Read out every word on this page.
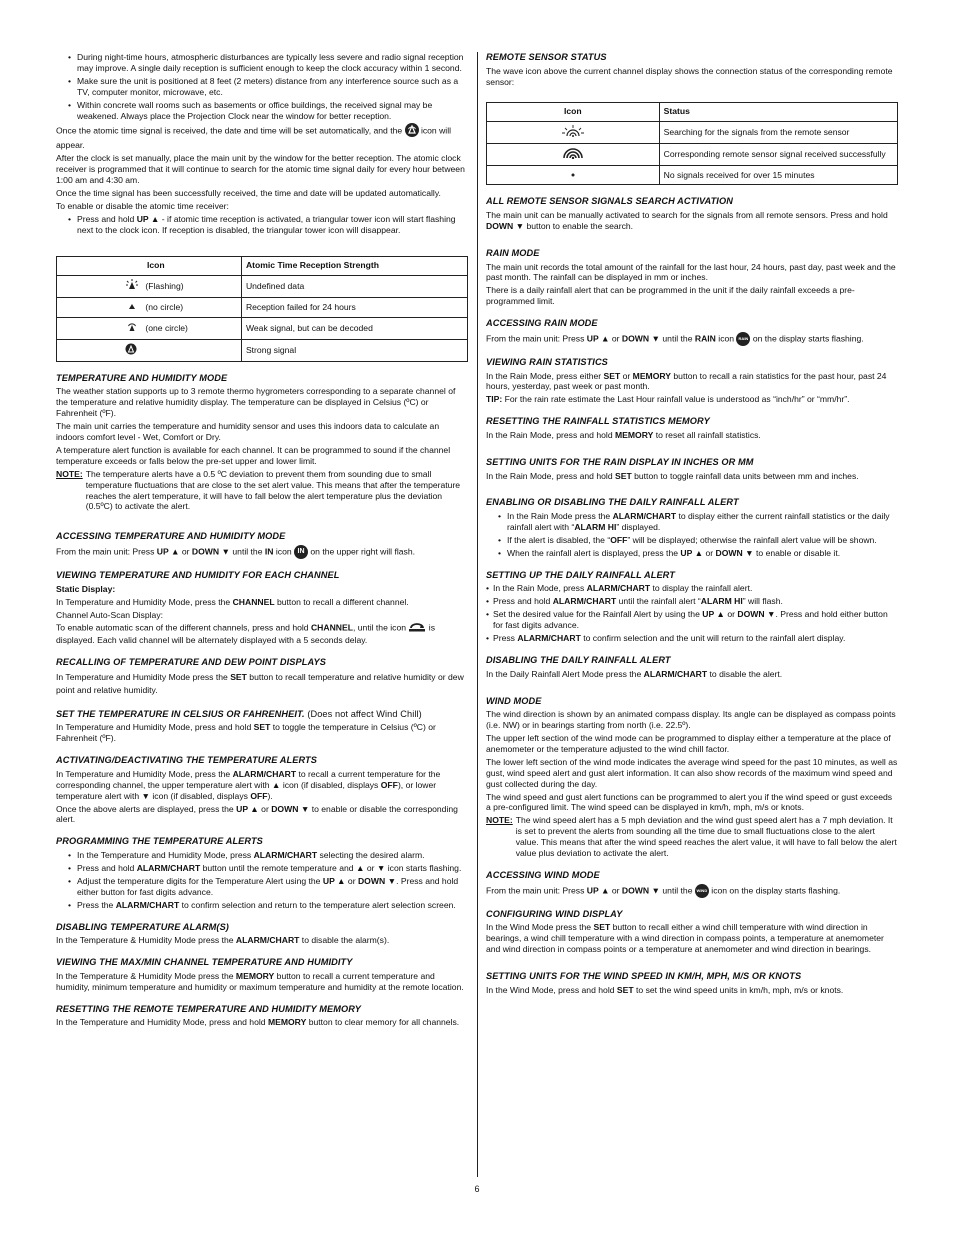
• During night-time hours, atmospheric disturbances are typically less severe and radio signal reception may improve. A single daily reception is sufficient enough to keep the clock accuracy within 1 second.
• Make sure the unit is positioned at 8 feet (2 meters) distance from any interference source such as a TV, computer monitor, microwave, etc.
• Within concrete wall rooms such as basements or office buildings, the received signal may be weakened. Always place the Projection Clock near the window for better reception.

Once the atomic time signal is received, the date and time will be set automatically, and the icon will appear.

After the clock is set manually, place the main unit by the window for the better reception. The atomic clock receiver is programmed that it will continue to search for the atomic time signal daily for every hour between 1:00 am and 4:30 am.

Once the time signal has been successfully received, the time and date will be updated automatically.

To enable or disable the atomic time receiver:

• Press and hold UP ▲ - if atomic time reception is activated, a triangular tower icon will start flashing next to the clock icon. If reception is disabled, the triangular tower icon will disappear.
Icon	Atomic Time Reception Strength
(Flashing)	Undefined data
(no circle)	Reception failed for 24 hours
(one circle)	Weak signal, but can be decoded
	Strong signal
TEMPERATURE AND HUMIDITY MODE

The weather station supports up to 3 remote thermo hygrometers corresponding to a separate channel of the temperature and relative humidity display. The temperature can be displayed in Celsius (ºC) or Fahrenheit (ºF).

The main unit carries the temperature and humidity sensor and uses this indoors data to calculate an indoors comfort level - Wet, Comfort or Dry.

A temperature alert function is available for each channel. It can be programmed to sound if the channel temperature exceeds or falls below the pre-set upper and lower limit.

NOTE: The temperature alerts have a 0.5 ºC deviation to prevent them from sounding due to small temperature fluctuations that are close to the set alert value. This means that after the temperature reaches the alert temperature, it will have to fall below the alert temperature plus the deviation (0.5ºC) to activate the alert.
ACCESSING TEMPERATURE AND HUMIDITY MODE

From the main unit: Press UP ▲ or DOWN ▼ until the IN icon IN on the upper right will flash.

VIEWING TEMPERATURE AND HUMIDITY FOR EACH CHANNEL

Static Display:

In Temperature and Humidity Mode, press the CHANNEL button to recall a different channel.

Channel Auto-Scan Display:

To enable automatic scan of the different channels, press and hold CHANNEL, until the icon	is displayed. Each valid channel will be alternately displayed with a 5 seconds delay.

RECALLING OF TEMPERATURE AND DEW POINT DISPLAYS

In Temperature and Humidity Mode press the SET button to recall temperature and relative humidity or dew point and relative humidity.

SET THE TEMPERATURE IN CELSIUS OR FAHRENHEIT. (Does not affect Wind Chill)

In Temperature and Humidity Mode, press and hold SET to toggle the temperature in Celsius (ºC) or Fahrenheit (ºF).

ACTIVATING/DEACTIVATING THE TEMPERATURE ALERTS

In Temperature and Humidity Mode, press the ALARM/CHART to recall a current temperature for the corresponding channel, the upper temperature alert with ▲ icon (if disabled, displays OFF), or lower temperature alert with ▼ icon (if disabled, displays OFF).

Once the above alerts are displayed, press the UP ▲ or DOWN ▼ to enable or disable the corresponding alert.

PROGRAMMING THE TEMPERATURE ALERTS
• In the Temperature and Humidity Mode, press ALARM/CHART selecting the desired alarm.
• Press and hold ALARM/CHART button until the remote temperature and ▲ or ▼ icon starts flashing.
• Adjust the temperature digits for the Temperature Alert using the UP ▲ or DOWN ▼. Press and hold either button for fast digits advance.
• Press the ALARM/CHART to confirm selection and return to the temperature alert selection screen.
DISABLING TEMPERATURE ALARM(S)

In the Temperature & Humidity Mode press the ALARM/CHART to disable the alarm(s).

VIEWING THE MAX/MIN CHANNEL TEMPERATURE AND HUMIDITY

In the Temperature & Humidity Mode press the MEMORY button to recall a current temperature and humidity, minimum temperature and humidity or maximum temperature and humidity at the remote location.

RESETTING THE REMOTE TEMPERATURE AND HUMIDITY MEMORY

In the Temperature and Humidity Mode, press and hold MEMORY button to clear memory for all channels.

REMOTE SENSOR STATUS

The wave icon above the current channel display shows the connection status of the corresponding remote sensor:

Icon	Status
	Searching for the signals from the remote sensor
	Corresponding remote sensor signal received successfully
	No signals received for over 15 minutes
ALL REMOTE SENSOR SIGNALS SEARCH ACTIVATION

The main unit can be manually activated to search for the signals from all remote sensors. Press and hold DOWN ▼ button to enable the search.

RAIN MODE

The main unit records the total amount of the rainfall for the last hour, 24 hours, past day, past week and the past month. The rainfall can be displayed in mm or inches.

There is a daily rainfall alert that can be programmed in the unit if the daily rainfall exceeds a pre-programmed limit.

ACCESSING RAIN MODE

From the main unit: Press UP ▲ or DOWN ▼ until the RAIN icon RAIN on the display starts flashing.

VIEWING RAIN STATISTICS

In the Rain Mode, press either SET or MEMORY button to recall a rain statistics for the past hour, past 24 hours, yesterday, past week or past month.

TIP: For the rain rate estimate the Last Hour rainfall value is understood as “inch/hr” or “mm/hr”.

RESETTING THE RAINFALL STATISTICS MEMORY

In the Rain Mode, press and hold MEMORY to reset all rainfall statistics.

SETTING UNITS FOR THE RAIN DISPLAY IN INCHES OR MM

In the Rain Mode, press and hold SET button to toggle rainfall data units between mm and inches.

ENABLING OR DISABLING THE DAILY RAINFALL ALERT
• In the Rain Mode press the ALARM/CHART to display either the current rainfall statistics or the daily rainfall alert with “ALARM HI” displayed.
• If the alert is disabled, the “OFF” will be displayed; otherwise the rainfall alert value will be shown.
• When the rainfall alert is displayed, press the UP ▲ or DOWN ▼ to enable or disable it.
SETTING UP THE DAILY RAINFALL ALERT
• In the Rain Mode, press ALARM/CHART to display the rainfall alert.
• Press and hold ALARM/CHART until the rainfall alert “ALARM HI” will flash.
• Set the desired value for the Rainfall Alert by using the UP ▲ or DOWN ▼. Press and hold either button for fast digits advance.
• Press ALARM/CHART to confirm selection and the unit will return to the rainfall alert display.
DISABLING THE DAILY RAINFALL ALERT

In the Daily Rainfall Alert Mode press the ALARM/CHART to disable the alert.

WIND MODE

The wind direction is shown by an animated compass display. Its angle can be displayed as compass points (i.e. NW) or in bearings starting from north (i.e. 22.5º).

The upper left section of the wind mode can be programmed to display either a temperature at the place of anemometer or the temperature adjusted to the wind chill factor.

The lower left section of the wind mode indicates the average wind speed for the past 10 minutes, as well as gust, wind speed alert and gust alert information. It can also show records of the maximum wind speed and gust collected during the day.

The wind speed and gust alert functions can be programmed to alert you if the wind speed or gust exceeds a pre-configured limit. The wind speed can be displayed in km/h, mph, m/s or knots.

NOTE: The wind speed alert has a 5 mph deviation and the wind gust speed alert has a 7 mph deviation. It is set to prevent the alerts from sounding all the time due to small fluctuations close to the alert value. This means that after the wind speed reaches the alert value, it will have to fall below the alert value plus deviation to activate the alert.
ACCESSING WIND MODE

From the main unit: Press UP ▲ or DOWN ▼ until the WIND icon on the display starts flashing.

CONFIGURING WIND DISPLAY

In the Wind Mode press the SET button to recall either a wind chill temperature with wind direction in bearings, a wind chill temperature with a wind direction in compass points, a temperature at anemometer and wind direction in compass points or a temperature at anemometer and wind direction in bearings.

SETTING UNITS FOR THE WIND SPEED IN KM/H, MPH, M/S OR KNOTS

In the Wind Mode, press and hold SET to set the wind speed units in km/h, mph, m/s or knots.

6
